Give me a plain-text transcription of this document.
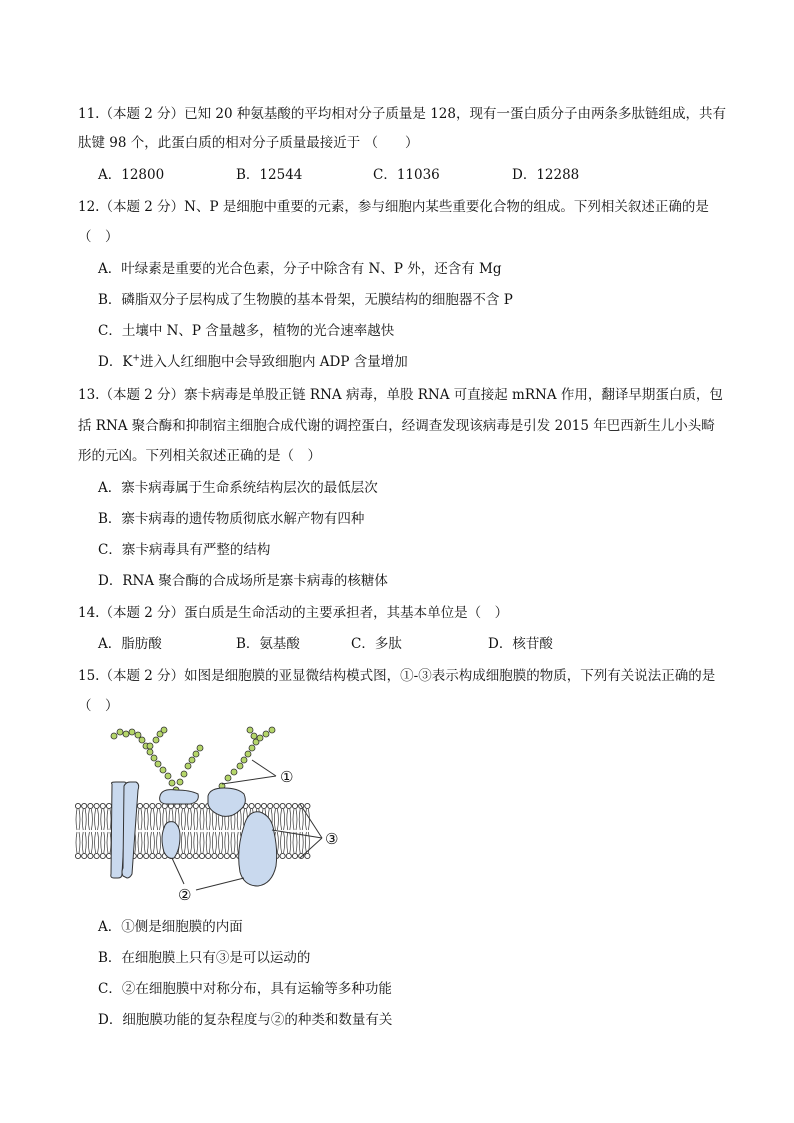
11.（本题 2 分）已知 20 种氨基酸的平均相对分子质量是 128，现有一蛋白质分子由两条多肽链组成，共有
肽键 98 个，此蛋白质的相对分子质量最接近于 （　　）
A．12800	B．12544	C．11036	D．12288
12.（本题 2 分）N、P 是细胞中重要的元素，参与细胞内某些重要化合物的组成。下列相关叙述正确的是
（　）
A．叶绿素是重要的光合色素，分子中除含有 N、P 外，还含有 Mg
B．磷脂双分子层构成了生物膜的基本骨架，无膜结构的细胞器不含 P
C．土壤中 N、P 含量越多，植物的光合速率越快
D．K+进入人红细胞中会导致细胞内 ADP 含量增加
13.（本题 2 分）寨卡病毒是单股正链 RNA 病毒，单股 RNA 可直接起 mRNA 作用，翻译早期蛋白质，包
括 RNA 聚合酶和抑制宿主细胞合成代谢的调控蛋白，经调查发现该病毒是引发 2015 年巴西新生儿小头畸
形的元凶。下列相关叙述正确的是（　）
A．寨卡病毒属于生命系统结构层次的最低层次
B．寨卡病毒的遗传物质彻底水解产物有四种
C．寨卡病毒具有严整的结构
D．RNA 聚合酶的合成场所是寨卡病毒的核糖体
14.（本题 2 分）蛋白质是生命活动的主要承担者，其基本单位是（　）
A．脂肪酸	B．氨基酸	C．多肽	D．核苷酸
15.（本题 2 分）如图是细胞膜的亚显微结构模式图，①-③表示构成细胞膜的物质，下列有关说法正确的是
（　）
①
③
②
A．①侧是细胞膜的内面
B．在细胞膜上只有③是可以运动的
C．②在细胞膜中对称分布，具有运输等多种功能
D．细胞膜功能的复杂程度与②的种类和数量有关
